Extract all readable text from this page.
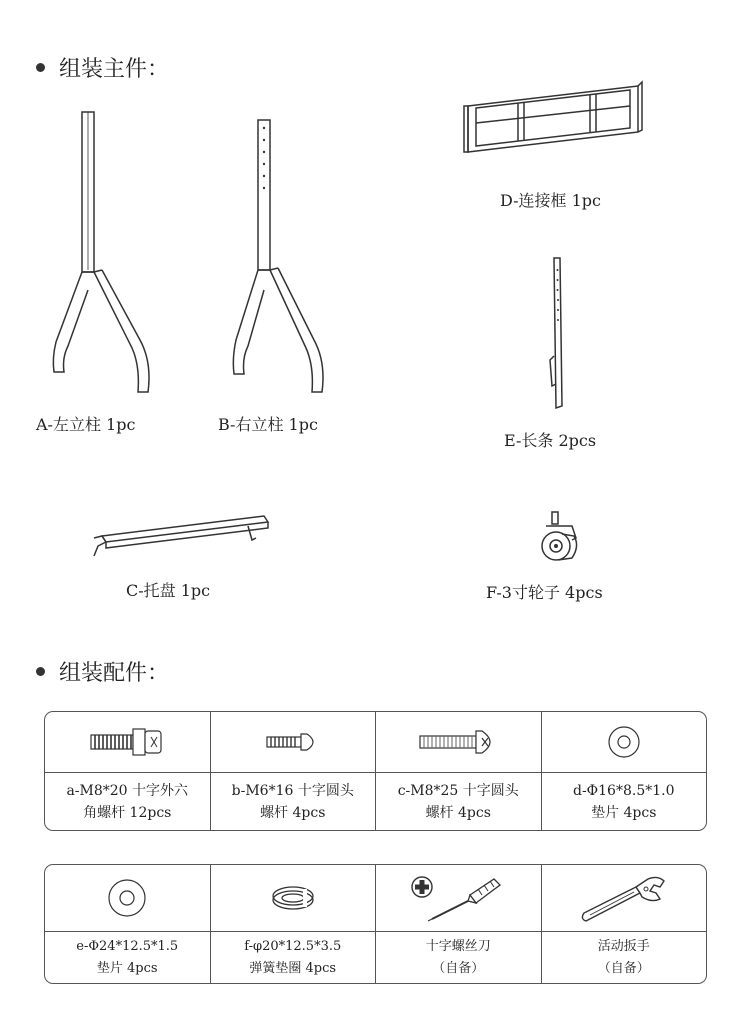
组装主件：
A-左立柱 1pc	B-右立柱 1pc
D-连接框 1pc
E-长条 2pcs
C-托盘 1pc	F-3寸轮子 4pcs
组装配件：
a-M8*20 十字外六
角螺杆 12pcs
b-M6*16 十字圆头
螺杆 4pcs
c-M8*25 十字圆头
螺杆 4pcs
d-Φ16*8.5*1.0
垫片 4pcs
e-Φ24*12.5*1.5
垫片 4pcs
f-φ20*12.5*3.5
弹簧垫圈 4pcs
十字螺丝刀
（自备）
活动扳手
（自备）
